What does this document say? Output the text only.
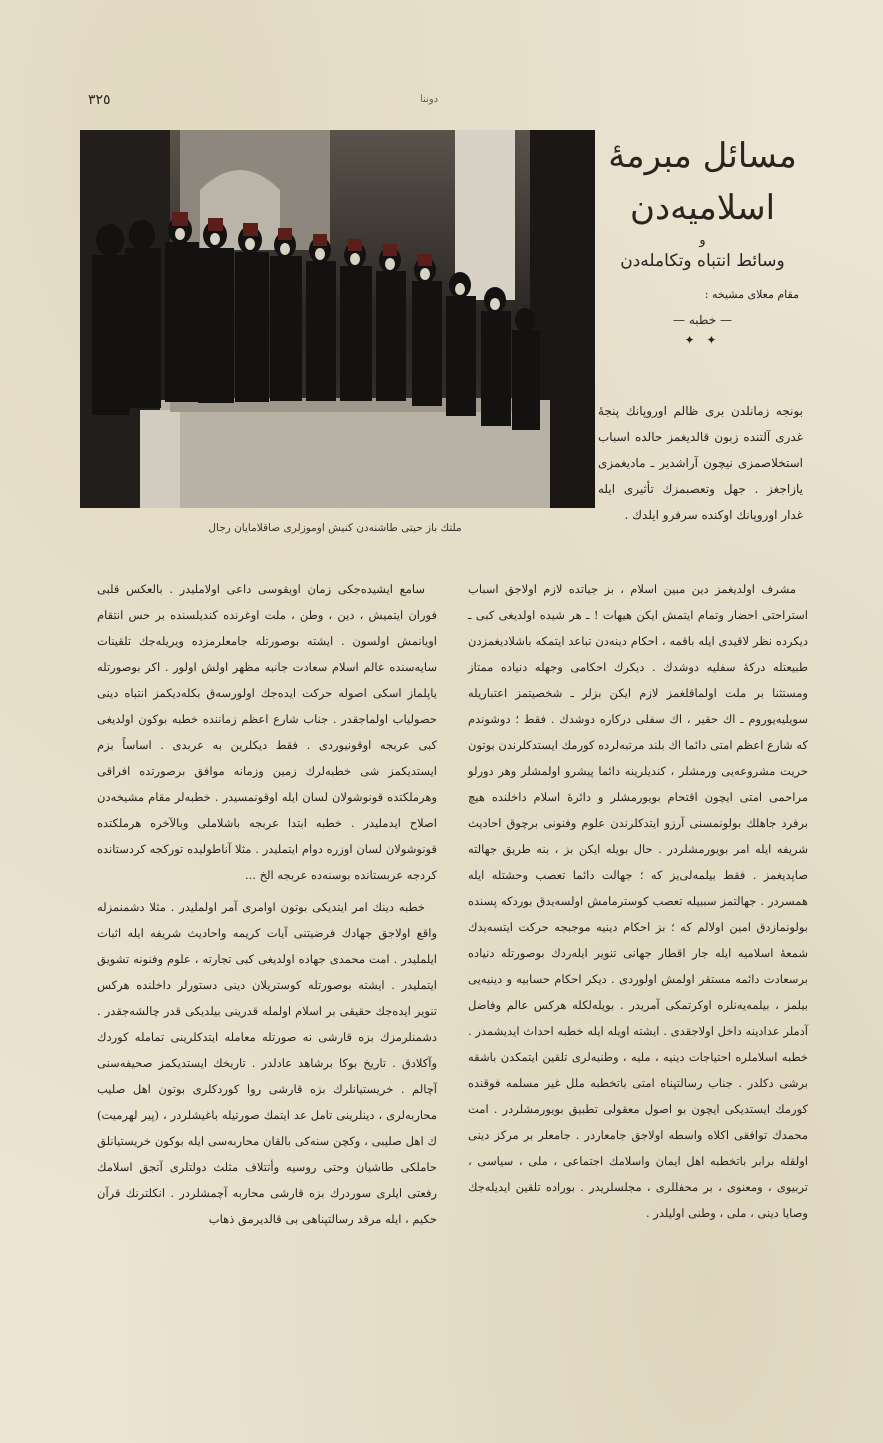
٣٢٥	دوننا
ملتك باز حیتی طاشنه‌دن کنیش اوموزلری صاقلامایان رجال
مسائل مبرمهٔ
اسلامیه‌دن
و
وسائط انتباه وتکامله‌دن
مقام معلای مشیخه :
— خطبه —
✦ ✦
بونجه زمانلدن بری ظالم اوروپانك پنجهٔ غدری آلتنده زبون قالدیغمز حالده اسباب استخلاصمزی نیچون آراشدیر ـ مادیغمزی یازاجغز . جهل وتعصبمزك تأثیری ایله غدار اوروپانك اوکنده سرفرو ایلدك .

مشرف اولدیغمز دین مبین اسلام ، بز جیاتده لازم اولاجق اسباب استراحتی احضار وتمام ایتمش ایکن هیهات ! ـ هر شیده اولدیغی کبی ـ دیکرده نظر لاقیدی ایله باقمه ، احکام دینه‌دن تباعد ایتمکه باشلادیغمزدن طبیعتله درکهٔ سفلیه دوشدك . دیکرك احکامی وجهله دنیاده ممتاز ومستثنا بر ملت اولماقلغمز لازم ایکن بزلر ـ شخصیتمز اعتباریله سویلیه‌یوروم ـ اك حقیر ، اك سفلی درکاره دوشدك . فقط ؛ دوشوندم که شارع اعظم امتی دائما اك بلند مرتبه‌لرده کورمك ایستدکلرندن بوتون حریت مشروعه‌یی ورمشلر ، کندیلرینه دائما پیشرو اولمشلر وهر دورلو مراحمی امتی ایچون اقتحام بویورمشلر و دائرهٔ اسلام داخلنده هیچ برفرد جاهلك بولونمسنی آرزو ایتدکلرندن علوم وفنونی برچوق احادیث شریفه ایله امر بویورمشلردر . حال بویله ایکن بز ، بنه طریق جهالته صاپدیغمز . فقط بیلمه‌لی‌یز که ؛ جهالت دائما تعصب وحشتله ایله همسردر . جهالتمز سببیله تعصب کوسترمامش اولسه‌یدق بوردکه پسنده بولونمازدق امین اولالم که ؛ بز احکام دینیه موجبجه حرکت ایتسه‌یدك شمعهٔ اسلامیه ایله جار اقطار جهانی تنویر ایله‌ردك بوصورتله دنیاده برسعادت دائمه مستقر اولمش اولوردی . دیکر احکام حسابیه و دینیه‌یی بیلمز ، بیلمه‌یه‌نلره اوکرتمکی آمریدر . بویله‌لکله هرکس عالم وفاضل آدملر عدادینه داخل اولاجقدی . ایشته اویله ایله خطبه احداث ایدیشمدر . خطبه اسلاملره احتیاجات دینیه ، ملیه ، وطنیه‌لری تلقین ایتمکدن باشقه برشی دکلدر . جناب رسالتپناه امتی باتخطبه ملل غیر مسلمه فوقنده کورمك ایستدیکی ایچون بو اصول معقولی تطبیق بویورمشلردر . امت محمدك توافقی اکلاه واسطه اولاجق جامعاردر . جامعلر بر مرکز دینی اولقله برابر باتخطبه اهل ایمان واسلامك اجتماعی ، ملی ، سیاسی ، تربیوی ، ومعنوی ، بر محفللری ، مجلسلریدر . بوراده تلقین ایدیله‌جك وصایا دینی ، ملی ، وطنی اولیلدر .

سامع ایشیده‌جکی زمان اویقوسی داعی اولاملیدر . بالعکس قلبی فوران ایتمیش ، دین ، وطن ، ملت اوغرنده کندیلسنده بر حس انتقام اویانمش اولسون . ایشته بوصورتله جامعلرمزده ویریله‌جك تلقینات سایه‌سنده عالم اسلام سعادت جانبه مظهر اولش اولور . اکر بوصورتله یاپلماز اسکی اصوله حرکت ایده‌جك اولورسه‌ق بکله‌دیکمز انتباه دینی حصولیاب اولماجقدر . جناب شارع اعظم زماننده خطبه بوکون اولدیغی کبی عربجه اوقونیوردی . فقط دیکلرین به عربدی . اساساً بزم ایستدیکمز شی خطبه‌لرك زمین وزمانه موافق برصورتده افراقی وهرملکتده قونوشولان لسان ایله اوقونمسیدر . خطبه‌لر مقام مشیخه‌دن اصلاح ایدملیدر . خطبه ابتدا عربجه باشلاملی وبالآخره هرملکتده قونوشولان لسان اوزره دوام ایتملیدر . مثلا آناطولیده تورکجه کردستانده کردجه عربستانده بوسنه‌ده عربجه الخ ...

خطبه دینك امر ایتدیکی بوتون اوامری آمر اولملیدر . مثلا دشمنمزله واقع اولاجق جهادك فرضیتنی آیات کریمه واحادیث شریفه ایله اثبات ایلملیدر . امت محمدی جهاده اولدیغی کبی تجارته ، علوم وفنونه تشویق ایتملیدر . ایشته بوصورتله کوستریلان دینی دستورلر داخلنده هرکس تنویر ایده‌جك حقیقی بر اسلام اولمله قدرینی بیلدیکی قدر چالشه‌جقدر . دشمنلرمزك بزه قارشی نه صورتله معامله ایتدکلرینی تمامله کوردك وآکلادق . تاریخ بوکا برشاهد عادلدر . تاریخك ایستدیکمز صحیفه‌سنی آچالم . خریستیانلرك بزه قارشی روا کوردکلری بوتون اهل صلیب محاربه‌لری ، دینلرینی تامل عد ایتمك صورتیله باغیشلردر ، (پیر لهرمیت) ك اهل صلیبی ، وکچن سنه‌کی بالقان محاربه‌سی ایله بوکون خریستیانلق حاملکی طاشیان وحتی روسیه وأتتلاف مثلث دولتلری آتجق اسلامك رفعتی ایلری سوردرك بزه قارشی محاربه آچمشلردر . انکلترنك قرآن حکیم ، ایله مرقد رسالتپناهی بی قالدیرمق ذهاب
